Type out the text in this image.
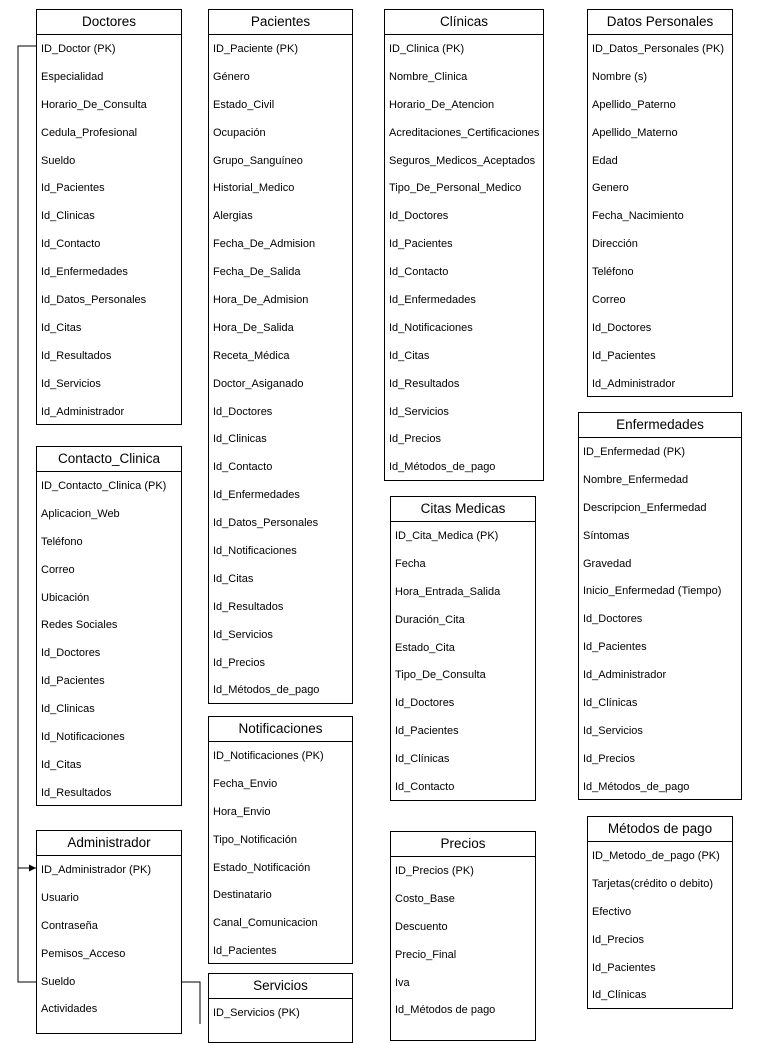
Doctores
ID_Doctor (PK)
Especialidad
Horario_De_Consulta
Cedula_Profesional
Sueldo
Id_Pacientes
Id_Clinicas
Id_Contacto
Id_Enfermedades
Id_Datos_Personales
Id_Citas
Id_Resultados
Id_Servicios
Id_Administrador
Pacientes
ID_Paciente (PK)
Género
Estado_Civil
Ocupación
Grupo_Sanguíneo
Historial_Medico
Alergias
Fecha_De_Admision
Fecha_De_Salida
Hora_De_Admision
Hora_De_Salida
Receta_Médica
Doctor_Asiganado
Id_Doctores
Id_Clinicas
Id_Contacto
Id_Enfermedades
Id_Datos_Personales
Id_Notificaciones
Id_Citas
Id_Resultados
Id_Servicios
Id_Precios
Id_Métodos_de_pago
Clínicas
ID_Clinica (PK)
Nombre_Clinica
Horario_De_Atencion
Acreditaciones_Certificaciones
Seguros_Medicos_Aceptados
Tipo_De_Personal_Medico
Id_Doctores
Id_Pacientes
Id_Contacto
Id_Enfermedades
Id_Notificaciones
Id_Citas
Id_Resultados
Id_Servicios
Id_Precios
Id_Métodos_de_pago
Datos Personales
ID_Datos_Personales (PK)
Nombre (s)
Apellido_Paterno
Apellido_Materno
Edad
Genero
Fecha_Nacimiento
Dirección
Teléfono
Correo
Id_Doctores
Id_Pacientes
Id_Administrador
Contacto_Clinica
ID_Contacto_Clinica (PK)
Aplicacion_Web
Teléfono
Correo
Ubicación
Redes Sociales
Id_Doctores
Id_Pacientes
Id_Clinicas
Id_Notificaciones
Id_Citas
Id_Resultados
Enfermedades
ID_Enfermedad (PK)
Nombre_Enfermedad
Descripcion_Enfermedad
Síntomas
Gravedad
Inicio_Enfermedad (Tiempo)
Id_Doctores
Id_Pacientes
Id_Administrador
Id_Clínicas
Id_Servicios
Id_Precios
Id_Métodos_de_pago
Citas Medicas
ID_Cita_Medica (PK)
Fecha
Hora_Entrada_Salida
Duración_Cita
Estado_Cita
Tipo_De_Consulta
Id_Doctores
Id_Pacientes
Id_Clínicas
Id_Contacto
Notificaciones
ID_Notificaciones (PK)
Fecha_Envio
Hora_Envio
Tipo_Notificación
Estado_Notificación
Destinatario
Canal_Comunicacion
Id_Pacientes
Administrador
ID_Administrador (PK)
Usuario
Contraseña
Pemisos_Acceso
Sueldo
Actividades
Servicios
ID_Servicios (PK)
Precios
ID_Precios (PK)
Costo_Base
Descuento
Precio_Final
Iva
Id_Métodos de pago
Métodos de pago
ID_Metodo_de_pago (PK)
Tarjetas(crédito o debito)
Efectivo
Id_Precios
Id_Pacientes
Id_Clínicas
